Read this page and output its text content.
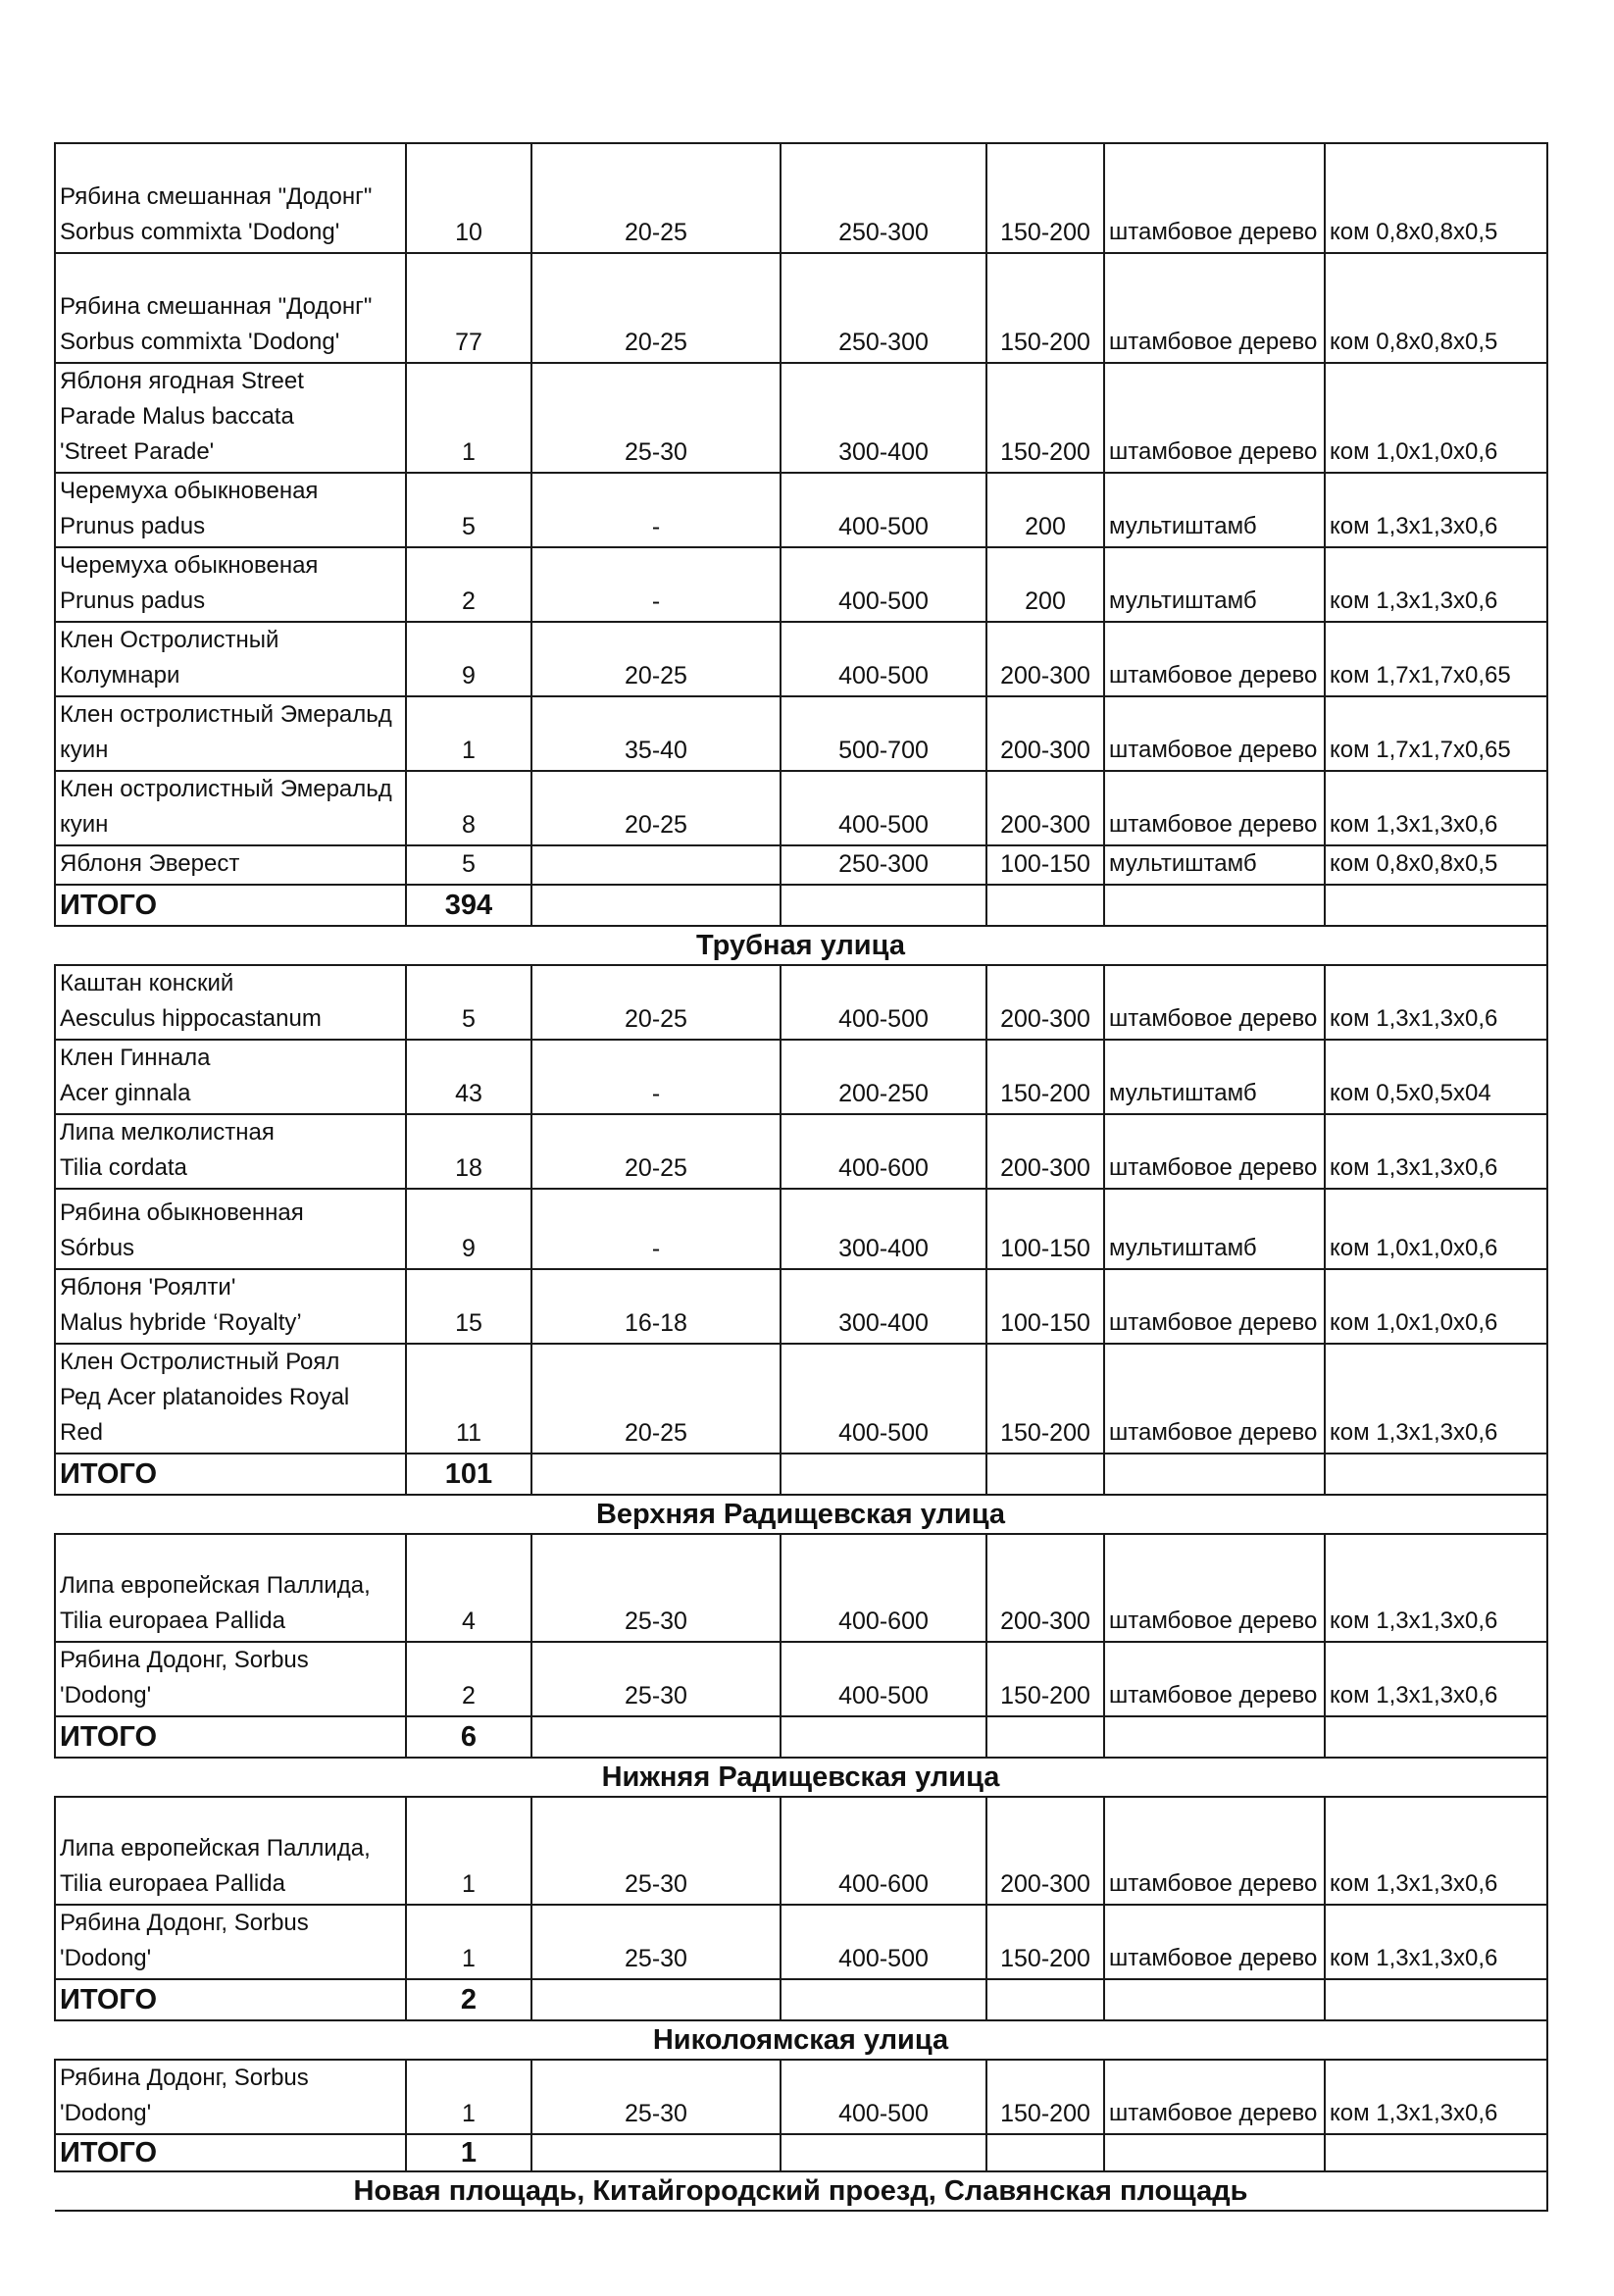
Рябина смешанная "Додонг"
Sorbus commixta 'Dodong'	10	20-25	250-300	150-200	штамбовое дерево	ком 0,8х0,8х0,5

Рябина смешанная "Додонг"
Sorbus commixta 'Dodong'	77	20-25	250-300	150-200	штамбовое дерево	ком 0,8х0,8х0,5

Яблоня ягодная Street
Parade Malus baccata
'Street Parade'	1	25-30	300-400	150-200	штамбовое дерево	ком 1,0х1,0х0,6

Черемуха обыкновеная
Prunus padus	5	-	400-500	200	мультиштамб	ком 1,3х1,3х0,6

Черемуха обыкновеная
Prunus padus	2	-	400-500	200	мультиштамб	ком 1,3х1,3х0,6

Клен Остролистный Колумнари	9	20-25	400-500	200-300	штамбовое дерево	ком 1,7х1,7х0,65

Клен остролистный Эмеральд
куин	1	35-40	500-700	200-300	штамбовое дерево	ком 1,7х1,7х0,65

Клен остролистный Эмеральд
куин	8	20-25	400-500	200-300	штамбовое дерево	ком 1,3х1,3х0,6

Яблоня Эверест	5		250-300	100-150	мультиштамб	ком 0,8х0,8х0,5
ИТОГО	394					
Трубная улица						

Каштан конский
Aesculus hippocastanum	5	20-25	400-500	200-300	штамбовое дерево	ком 1,3х1,3х0,6

Клен Гиннала
Acer ginnala	43	-	200-250	150-200	мультиштамб	ком 0,5х0,5х04

Липа мелколистная
Tilia cordata	18	20-25	400-600	200-300	штамбовое дерево	ком 1,3х1,3х0,6

Рябина обыкновенная
Sórbus	9	-	300-400	100-150	мультиштамб	ком 1,0х1,0х0,6

Яблоня 'Роялти'
Malus hybride ‘Royalty’	15	16-18	300-400	100-150	штамбовое дерево	ком 1,0х1,0х0,6

Клен Остролистный Роял
Ред Acer platanoides Royal
Red	11	20-25	400-500	150-200	штамбовое дерево	ком 1,3х1,3х0,6
ИТОГО	101					
Верхняя Радищевская улица						

Липа европейская Паллида,
Tilia europaea Pallida	4	25-30	400-600	200-300	штамбовое дерево	ком 1,3х1,3х0,6

Рябина Додонг, Sorbus
'Dodong'	2	25-30	400-500	150-200	штамбовое дерево	ком 1,3х1,3х0,6
ИТОГО	6					
Нижняя Радищевская улица						

Липа европейская Паллида,
Tilia europaea Pallida	1	25-30	400-600	200-300	штамбовое дерево	ком 1,3х1,3х0,6

Рябина Додонг, Sorbus
'Dodong'	1	25-30	400-500	150-200	штамбовое дерево	ком 1,3х1,3х0,6
ИТОГО	2					
Николоямская улица						

Рябина Додонг, Sorbus
'Dodong'	1	25-30	400-500	150-200	штамбовое дерево	ком 1,3х1,3х0,6
ИТОГО	1					
Новая площадь, Китайгородский проезд, Славянская площадь						
